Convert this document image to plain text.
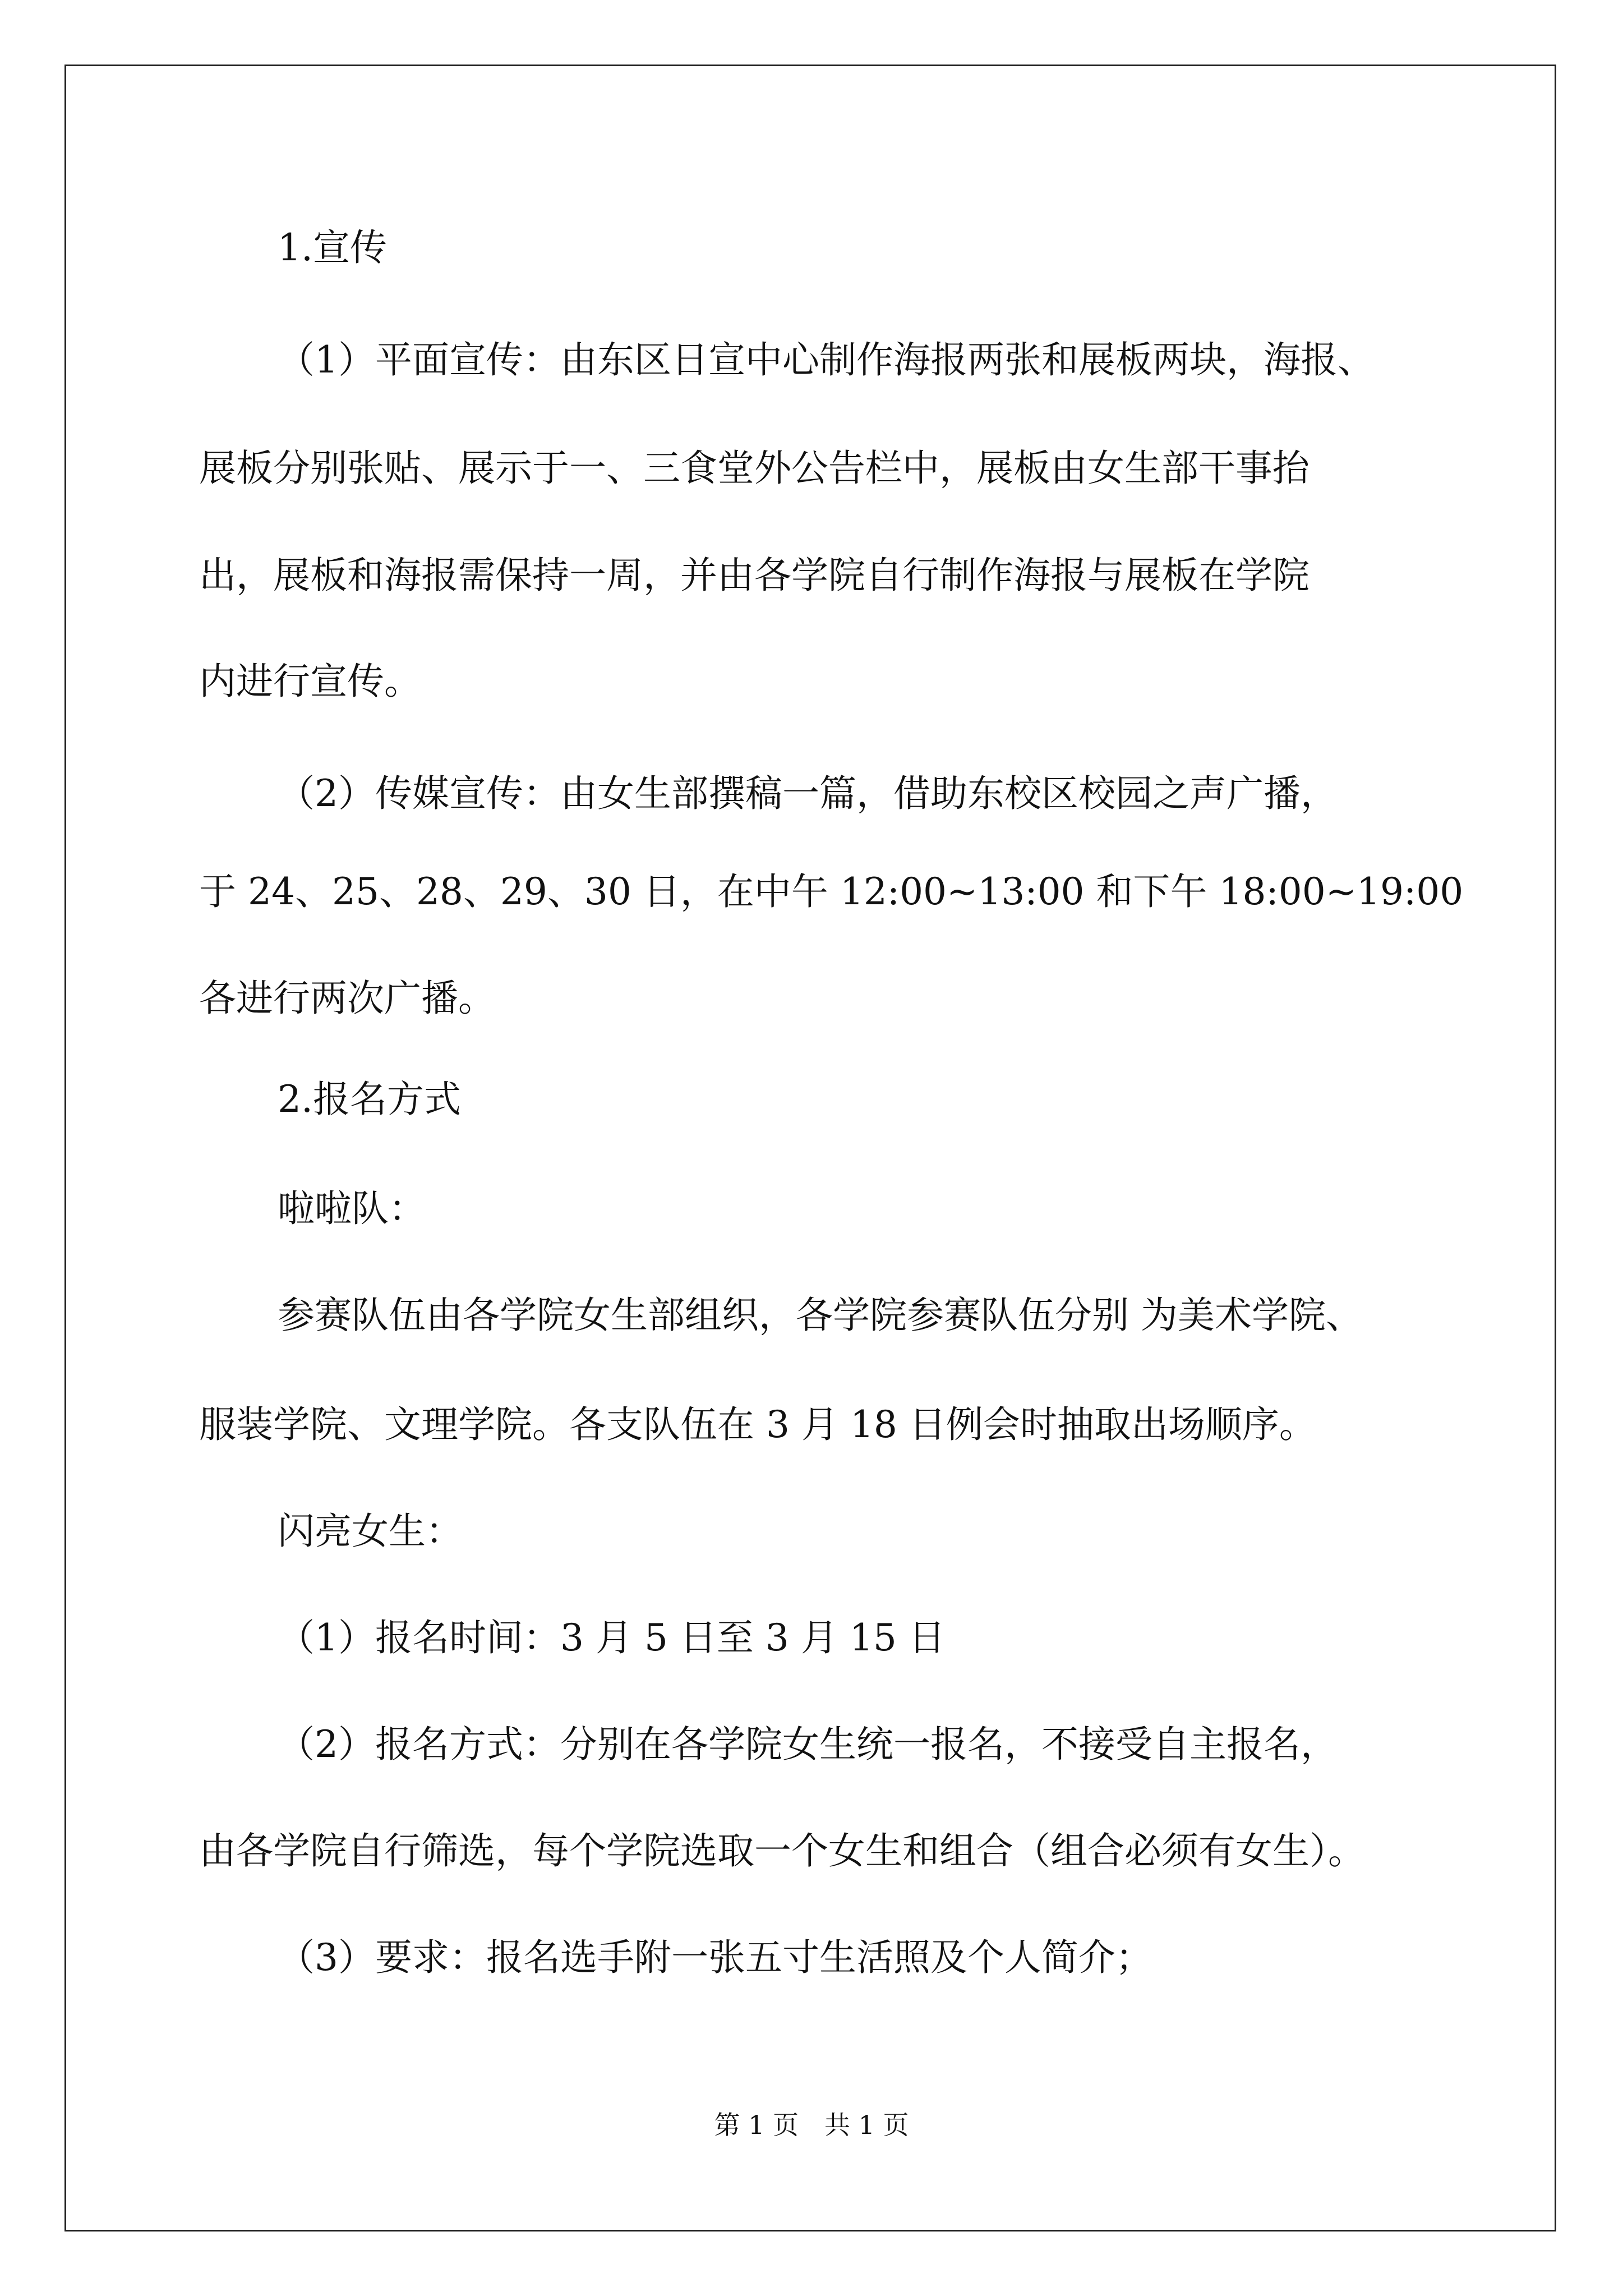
1.宣传

（1）平面宣传：由东区日宣中心制作海报两张和展板两块，海报、

展板分别张贴、展示于一、三食堂外公告栏中，展板由女生部干事抬

出，展板和海报需保持一周，并由各学院自行制作海报与展板在学院

内进行宣传。

（2）传媒宣传：由女生部撰稿一篇，借助东校区校园之声广播，

于 24、25、28、29、30 日，在中午 12:00~13:00 和下午 18:00~19:00

各进行两次广播。

2.报名方式

啦啦队：

参赛队伍由各学院女生部组织，各学院参赛队伍分别 为美术学院、

服装学院、文理学院。各支队伍在 3 月 18 日例会时抽取出场顺序。

闪亮女生：

（1）报名时间：3 月 5 日至 3 月 15 日

（2）报名方式：分别在各学院女生统一报名，不接受自主报名，

由各学院自行筛选，每个学院选取一个女生和组合（组合必须有女生）。

（3）要求：报名选手附一张五寸生活照及个人简介；

第 1 页　共 1 页
